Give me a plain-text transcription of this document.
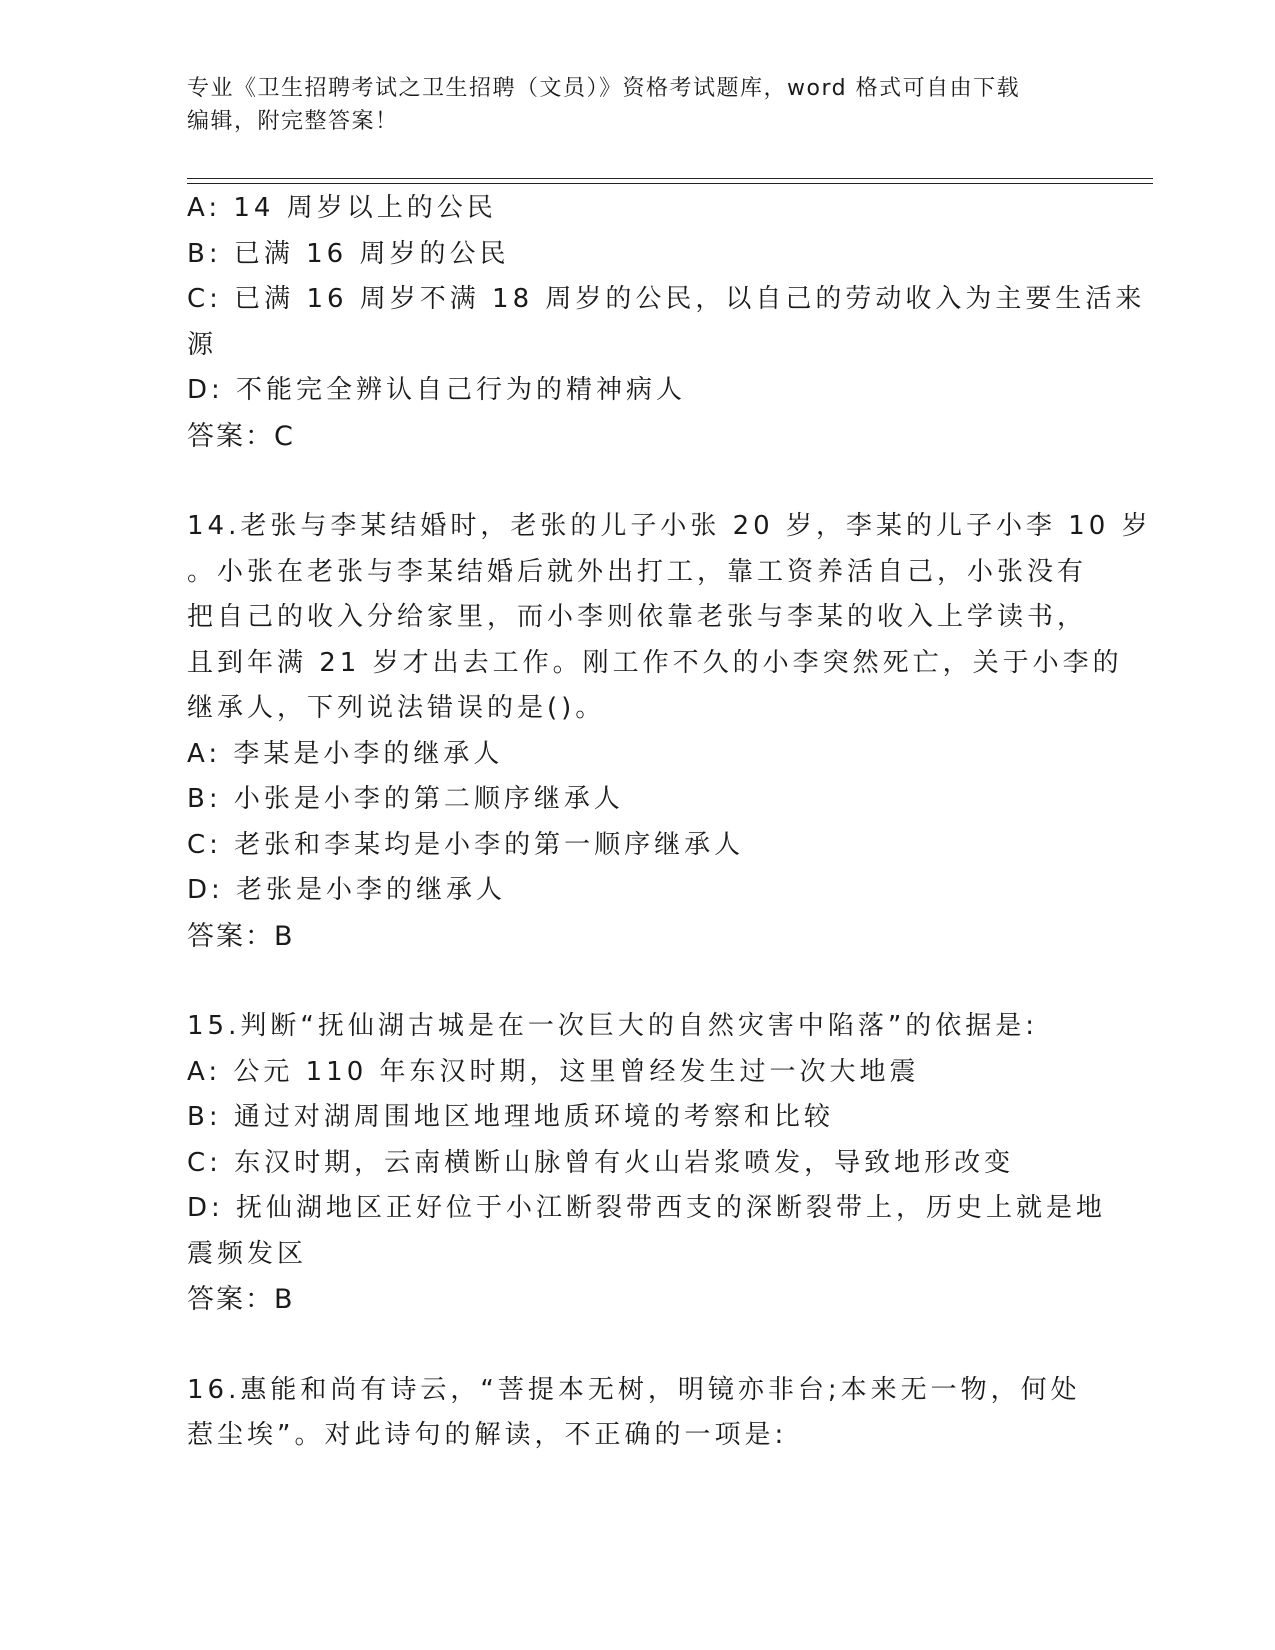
专业《卫生招聘考试之卫生招聘（文员）》资格考试题库，word 格式可自由下载
编辑，附完整答案！
A: 14 周岁以上的公民
B: 已满 16 周岁的公民
C: 已满 16 周岁不满 18 周岁的公民，以自己的劳动收入为主要生活来
源
D: 不能完全辨认自己行为的精神病人
答案：C
14.老张与李某结婚时，老张的儿子小张 20 岁，李某的儿子小李 10 岁
。小张在老张与李某结婚后就外出打工，靠工资养活自己，小张没有
把自己的收入分给家里，而小李则依靠老张与李某的收入上学读书，
且到年满 21 岁才出去工作。刚工作不久的小李突然死亡，关于小李的
继承人，下列说法错误的是()。
A: 李某是小李的继承人
B: 小张是小李的第二顺序继承人
C: 老张和李某均是小李的第一顺序继承人
D: 老张是小李的继承人
答案：B
15.判断“抚仙湖古城是在一次巨大的自然灾害中陷落”的依据是:
A: 公元 110 年东汉时期，这里曾经发生过一次大地震
B: 通过对湖周围地区地理地质环境的考察和比较
C: 东汉时期，云南横断山脉曾有火山岩浆喷发，导致地形改变
D: 抚仙湖地区正好位于小江断裂带西支的深断裂带上，历史上就是地
震频发区
答案：B
16.惠能和尚有诗云，“菩提本无树，明镜亦非台;本来无一物，何处
惹尘埃”。对此诗句的解读，不正确的一项是:
